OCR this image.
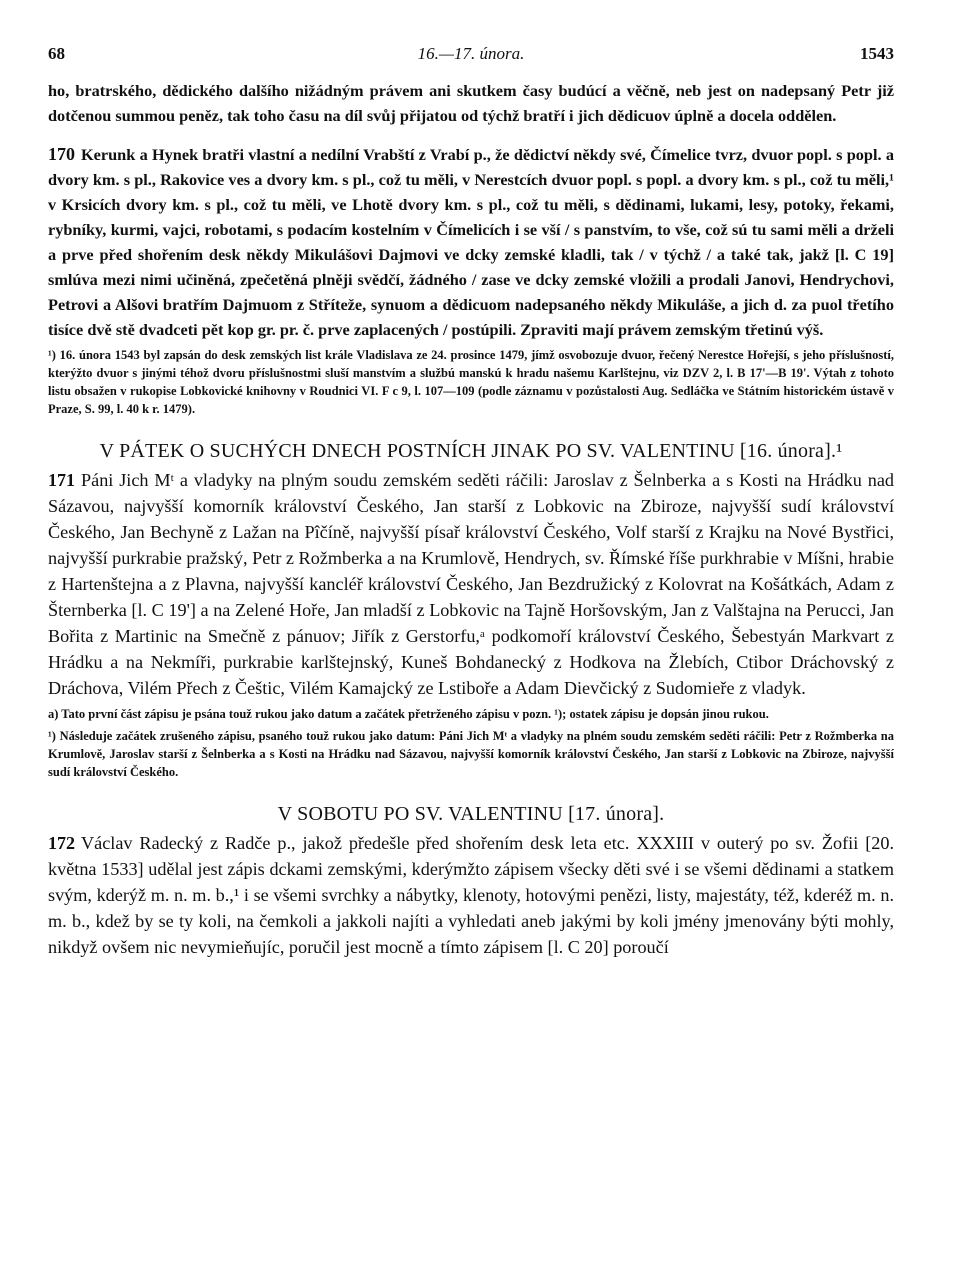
68	16.—17. února.	1543

ho, bratrského, dědického dalšího nižádným právem ani skutkem časy budúcí a věčně, neb jest on nadepsaný Petr již dotčenou summou peněz, tak toho času na díl svůj přijatou od týchž bratří i jich dědicuov úplně a docela oddělen.

170 Kerunk a Hynek bratři vlastní a nedílní Vrabští z Vrabí p., že dědictví někdy své, Čímelice tvrz, dvuor popl. s popl. a dvory km. s pl., Rakovice ves a dvory km. s pl., což tu měli, v Nerestcích dvuor popl. s popl. a dvory km. s pl., což tu měli,¹ v Krsicích dvory km. s pl., což tu měli, ve Lhotě dvory km. s pl., což tu měli, s dědinami, lukami, lesy, potoky, řekami, rybníky, kurmi, vajci, robotami, s podacím kostelním v Čímelicích i se vší / s panstvím, to vše, což sú tu sami měli a drželi a prve před shořením desk někdy Mikulášovi Dajmovi ve dcky zemské kladli, tak / v týchž / a také tak, jakž [l. C 19] smlúva mezi nimi učiněná, zpečetěná plněji svědčí, žádného / zase ve dcky zemské vložili a prodali Janovi, Hendrychovi, Petrovi a Alšovi bratřím Dajmuom z Stříteže, synuom a dědicuom nadepsaného někdy Mikuláše, a jich d. za puol třetího tisíce dvě stě dvadceti pět kop gr. pr. č. prve zaplacených / postúpili. Zpraviti mají právem zemským třetinú výš.

¹) 16. února 1543 byl zapsán do desk zemských list krále Vladislava ze 24. prosince 1479, jímž osvobozuje dvuor, řečený Nerestce Hořejší, s jeho příslušností, kterýžto dvuor s jinými téhož dvoru příslušnostmi sluší manstvím a službú manskú k hradu našemu Karlštejnu, viz DZV 2, l. B 17'—B 19'. Výtah z tohoto listu obsažen v rukopise Lobkovické knihovny v Roudnici VI. F c 9, l. 107—109 (podle záznamu v pozůstalosti Aug. Sedláčka ve Státním historickém ústavě v Praze, S. 99, l. 40 k r. 1479).

V PÁTEK O SUCHÝCH DNECH POSTNÍCH JINAK PO SV. VALENTINU [16. února].¹

171 Páni Jich Mᵗ a vladyky na plným soudu zemském seděti ráčili: Jaroslav z Šelnberka a s Kosti na Hrádku nad Sázavou, najvyšší komorník království Českého, Jan starší z Lobkovic na Zbiroze, najvyšší sudí království Českého, Jan Bechyně z Lažan na Pîčíně, najvyšší písař království Českého, Volf starší z Krajku na Nové Bystřici, najvyšší purkrabie pražský, Petr z Rožmberka a na Krumlově, Hendrych, sv. Římské říše purkhrabie v Míšni, hrabie z Hartenštejna a z Plavna, najvyšší kancléř království Českého, Jan Bezdružický z Kolovrat na Košátkách, Adam z Šternberka [l. C 19'] a na Zelené Hoře, Jan mladší z Lobkovic na Tajně Horšovským, Jan z Valštajna na Perucci, Jan Bořita z Martinic na Smečně z pánuov; Jiřík z Gerstorfu,ᵃ podkomoří království Českého, Šebestyán Markvart z Hrádku a na Nekmíři, purkrabie karlštejnský, Kuneš Bohdanecký z Hodkova na Žlebích, Ctibor Dráchovský z Dráchova, Vilém Přech z Češtic, Vilém Kamajcký ze Lstiboře a Adam Dievčický z Sudomieře z vladyk.

a) Tato první část zápisu je psána touž rukou jako datum a začátek přetrženého zápisu v pozn. ¹); ostatek zápisu je dopsán jinou rukou.

¹) Následuje začátek zrušeného zápisu, psaného touž rukou jako datum: Páni Jich Mᵗ a vladyky na plném soudu zemském seděti ráčili: Petr z Rožmberka na Krumlově, Jaroslav starší z Šelnberka a s Kosti na Hrádku nad Sázavou, najvyšší komorník království Českého, Jan starší z Lobkovic na Zbiroze, najvyšší sudí království Českého.

V SOBOTU PO SV. VALENTINU [17. února].

172 Václav Radecký z Radče p., jakož předešle před shořením desk leta etc. XXXIII v outerý po sv. Žofii [20. května 1533] udělal jest zápis dckami zemskými, kderýmžto zápisem všecky děti své i se všemi dědinami a statkem svým, kderýž m. n. m. b.,¹ i se všemi svrchky a nábytky, klenoty, hotovými penězi, listy, majestáty, též, kderéž m. n. m. b., kdež by se ty koli, na čemkoli a jakkoli najíti a vyhledati aneb jakými by koli jmény jmenovány býti mohly, nikdyž ovšem nic nevymieňujíc, poručil jest mocně a tímto zápisem [l. C 20] poroučí
